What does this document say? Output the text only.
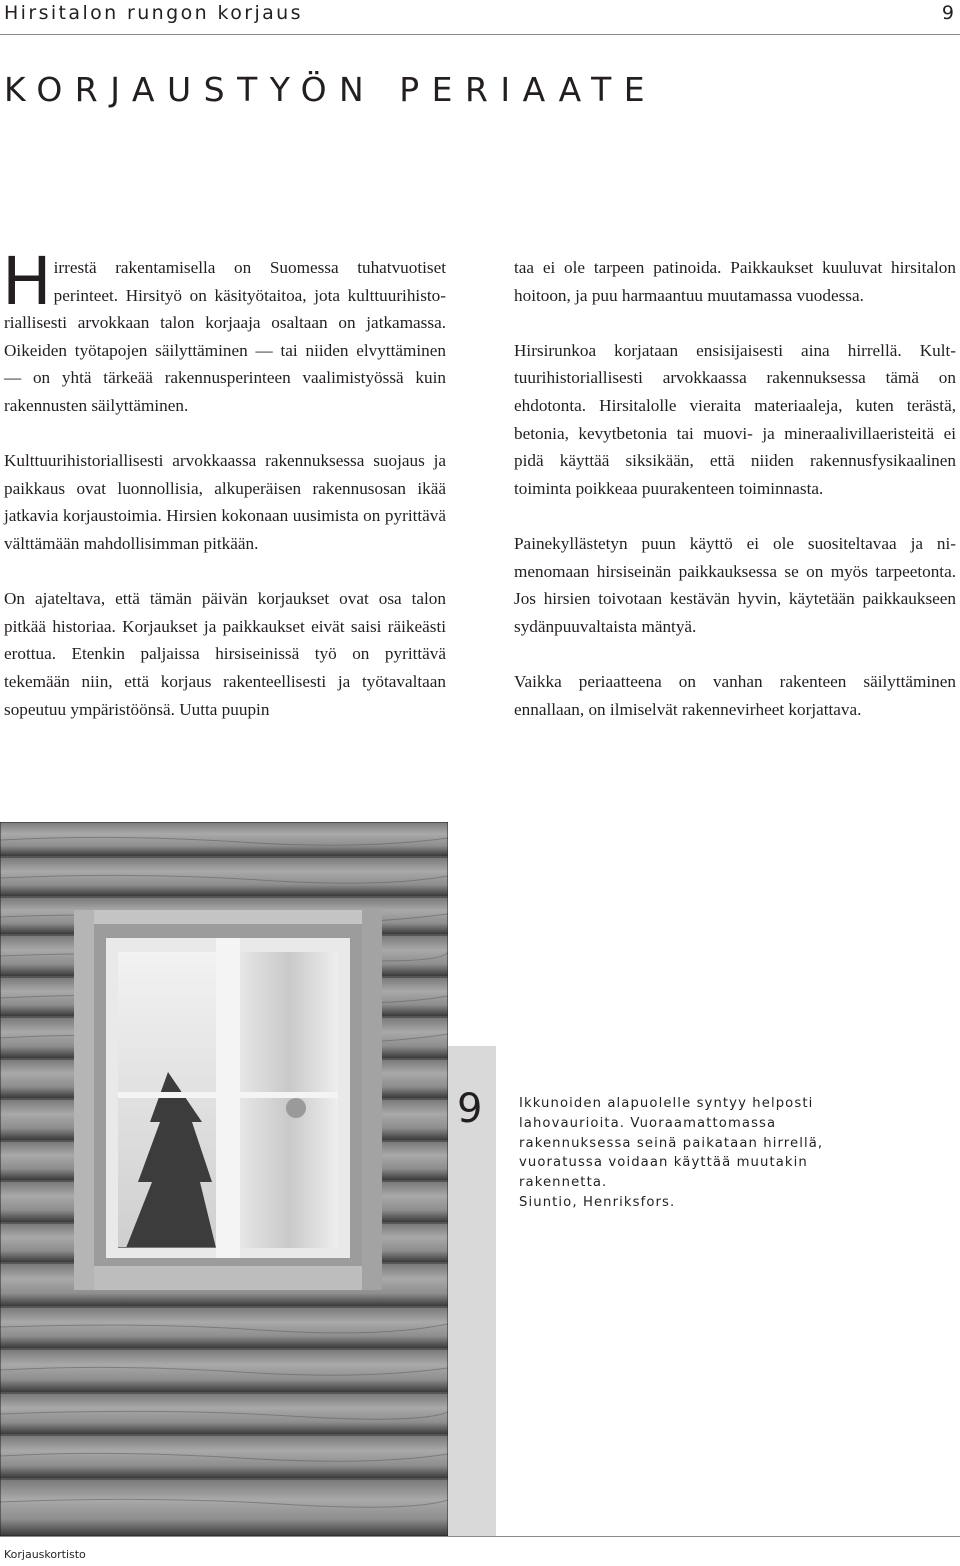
Hirsitalon rungon korjaus	9
KORJAUSTYÖN PERIAATE

Hirrestä rakentamisella on Suomessa tuhatvuotiset perinteet. Hirsityö on käsityötaitoa, jota kulttuurihistoriallisesti arvokkaan talon korjaaja osaltaan on jatkamassa. Oikeiden työtapojen säilyttäminen — tai niiden elvyttäminen — on yhtä tärkeää rakennusperinteen vaalimistyössä kuin rakennusten säilyttäminen.

Kulttuurihistoriallisesti arvokkaassa rakennuksessa suojaus ja paikkaus ovat luonnollisia, alkuperäisen rakennusosan ikää jatkavia korjaustoimia. Hirsien kokonaan uusimista on pyrittävä välttämään mahdollisimman pitkään.

On ajateltava, että tämän päivän korjaukset ovat osa talon pitkää historiaa. Korjaukset ja paikkaukset eivät saisi räikeästi erottua. Etenkin paljaissa hirsiseinissä työ on pyrittävä tekemään niin, että korjaus rakenteellisesti ja työtavaltaan sopeutuu ympäristöönsä. Uutta puupin

taa ei ole tarpeen patinoida. Paikkaukset kuuluvat hirsitalon hoitoon, ja puu harmaantuu muutamassa vuodessa.

Hirsirunkoa korjataan ensisijaisesti aina hirrellä. Kulttuurihistoriallisesti arvokkaassa rakennuksessa tämä on ehdotonta. Hirsitalolle vieraita materiaaleja, kuten terästä, betonia, kevytbetonia tai muovi- ja mineraalivillaeristeitä ei pidä käyttää siksikään, että niiden rakennusfysikaalinen toiminta poikkeaa puurakenteen toiminnasta.

Painekyllästetyn puun käyttö ei ole suositeltavaa ja nimenomaan hirsiseinän paikkauksessa se on myös tarpeetonta. Jos hirsien toivotaan kestävän hyvin, käytetään paikkaukseen sydänpuuvaltaista mäntyä.

Vaikka periaatteena on vanhan rakenteen säilyttäminen ennallaan, on ilmiselvät rakennevirheet korjattava.

9	Ikkunoiden alapuolelle syntyy helposti
lahovaurioita. Vuoraamattomassa
rakennuksessa seinä paikataan hirrellä,
vuoratussa voidaan käyttää muutakin
rakennetta.
Siuntio, Henriksfors.
Korjauskortisto
